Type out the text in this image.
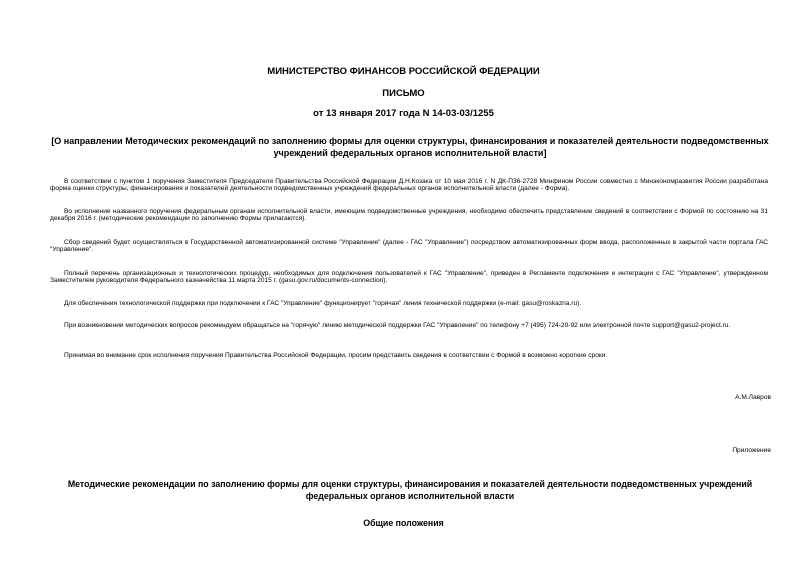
МИНИСТЕРСТВО ФИНАНСОВ РОССИЙСКОЙ ФЕДЕРАЦИИ
ПИСЬМО
от 13 января 2017 года N 14-03-03/1255
[О направлении Методических рекомендаций по заполнению формы для оценки структуры, финансирования и показателей деятельности подведомственных учреждений федеральных органов исполнительной власти]
В соответствии с пунктом 1 поручения Заместителя Председателя Правительства Российской Федерации Д.Н.Козака от 10 мая 2016 г. N ДК-П36-2728 Минфином России совместно с Минэкономразвития России разработана форма оценки структуры, финансирования и показателей деятельности подведомственных учреждений федеральных органов исполнительной власти (далее - Форма).
Во исполнение названного поручения федеральным органам исполнительной власти, имеющим подведомственные учреждения, необходимо обеспечить представление сведений в соответствии с Формой по состоянию на 31 декабря 2016 г. (методические рекомендации по заполнению Формы прилагаются).
Сбор сведений будет осуществляться в Государственной автоматизированной системе "Управление" (далее - ГАС "Управление") посредством автоматизированных форм ввода, расположенных в закрытой части портала ГАС "Управление".
Полный перечень организационных и технологических процедур, необходимых для подключения пользователей к ГАС "Управление", приведен в Регламенте подключения и интеграции с ГАС "Управление", утвержденном Заместителем руководителя Федерального казначейства 11 марта 2015 г. (gasu.gov.ru/documents-connection).
Для обеспечения технологической поддержки при подключении к ГАС "Управление" функционирует "горячая" линия технической поддержки (e-mail: gasu@roskazna.ru).
При возникновении методических вопросов рекомендуем обращаться на "горячую" линию методической поддержки ГАС "Управление" по телефону +7 (495) 724-20-92 или электронной почте support@gasu2-project.ru.
Принимая во внимание срок исполнения поручения Правительства Российской Федерации, просим представить сведения в соответствии с Формой в возможно короткие сроки.
А.М.Лавров
Приложение
Методические рекомендации по заполнению формы для оценки структуры, финансирования и показателей деятельности подведомственных учреждений федеральных органов исполнительной власти
Общие положения
